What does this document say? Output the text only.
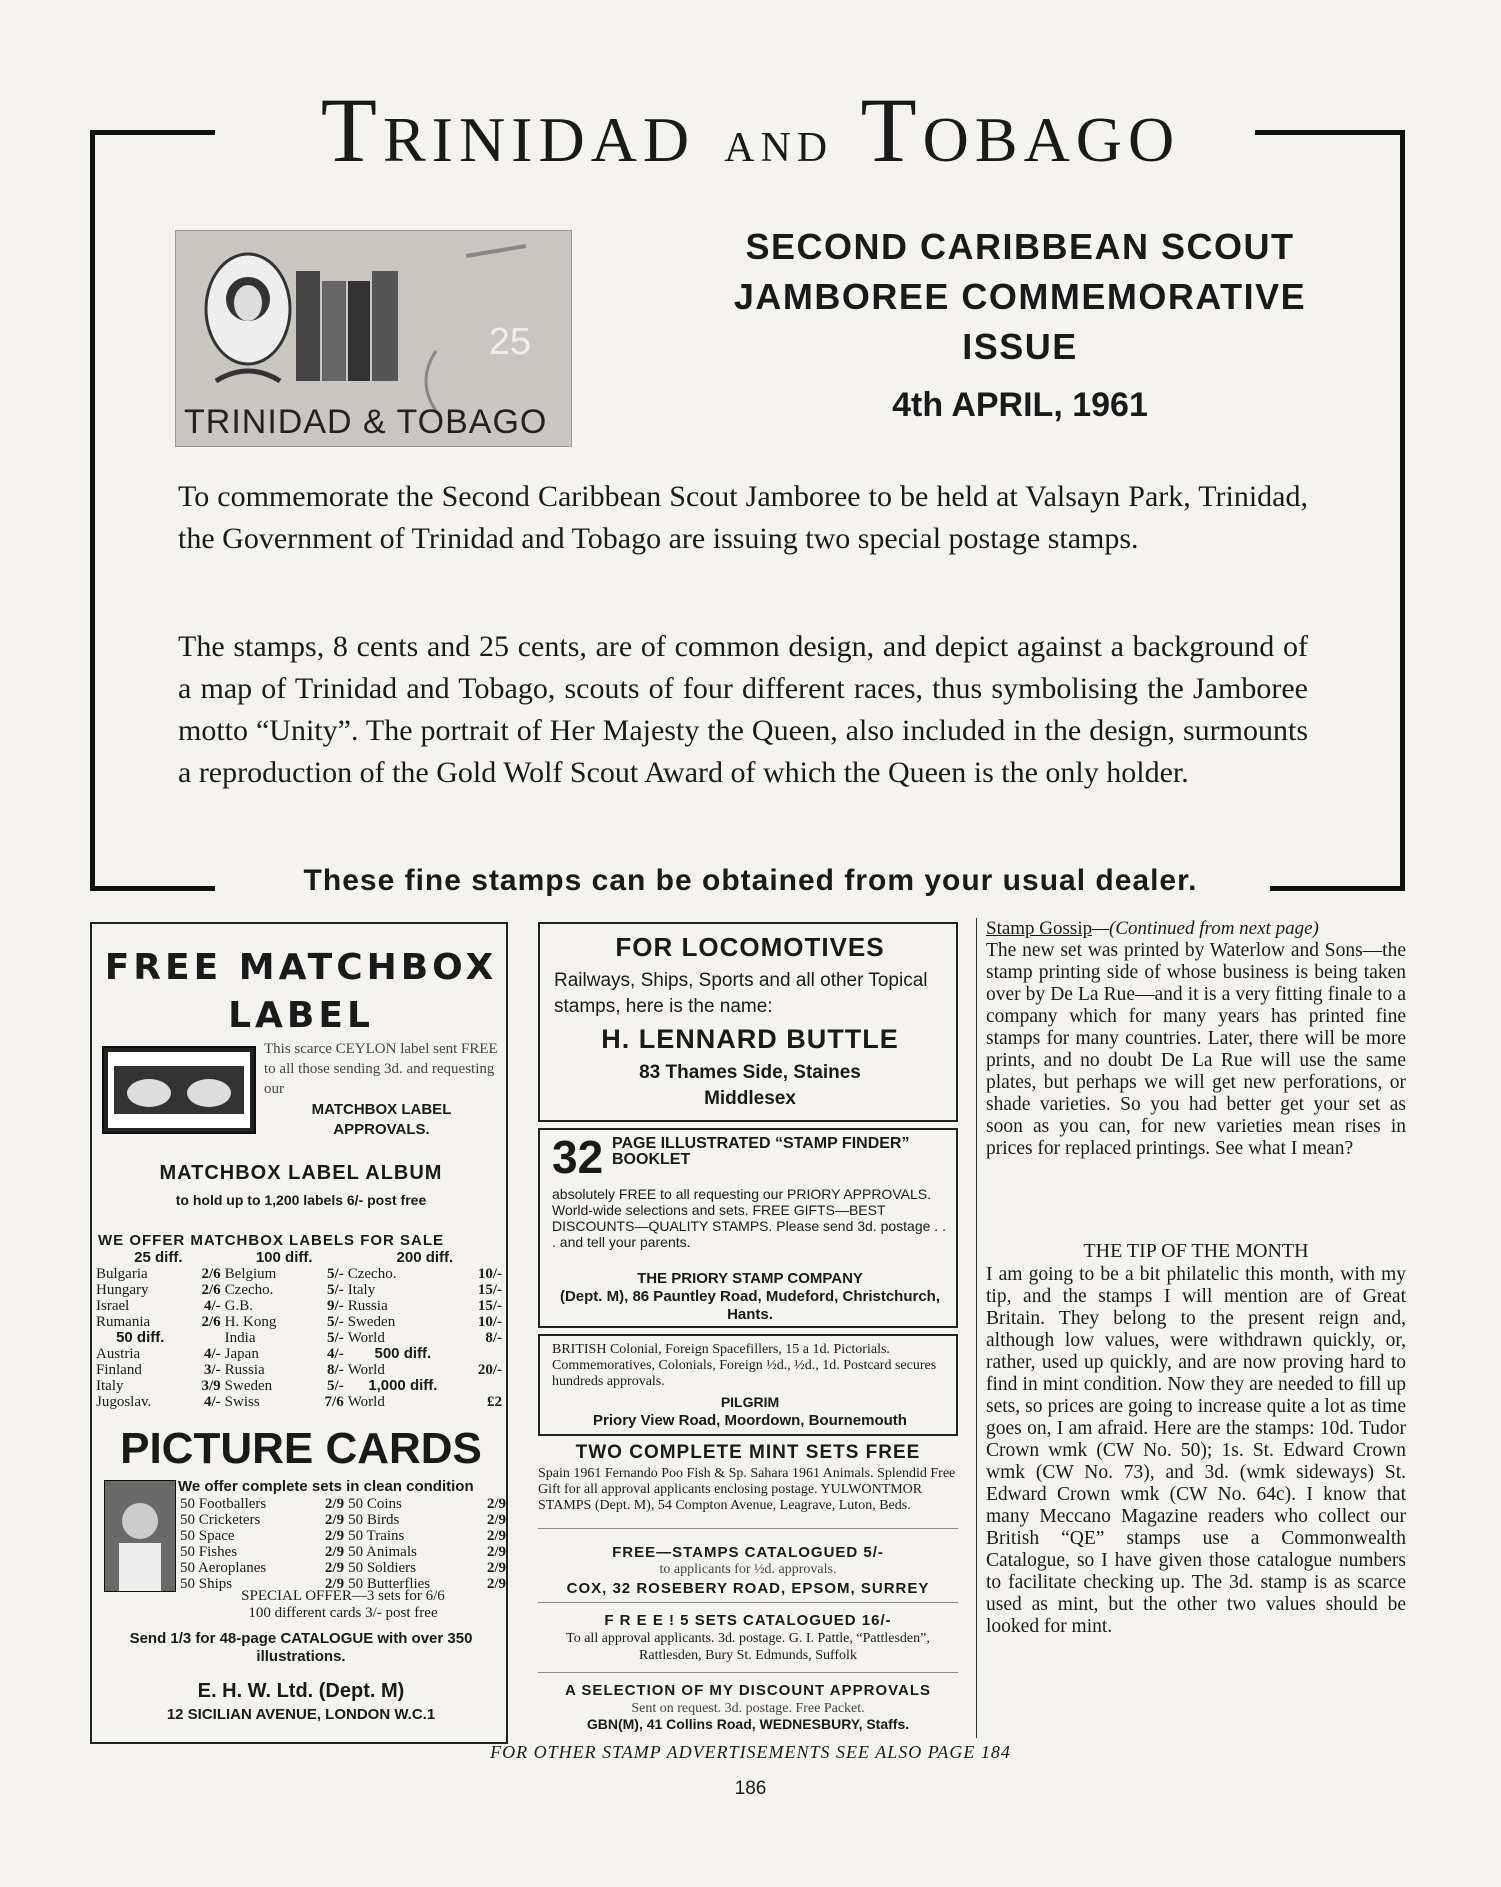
Trinidad and Tobago
25
TRINIDAD & TOBAGO
SECOND CARIBBEAN SCOUT JAMBOREE COMMEMORATIVE ISSUE
4th APRIL, 1961
To commemorate the Second Caribbean Scout Jamboree to be held at Valsayn Park, Trinidad, the Government of Trinidad and Tobago are issuing two special postage stamps.
The stamps, 8 cents and 25 cents, are of common design, and depict against a background of a map of Trinidad and Tobago, scouts of four different races, thus symbolising the Jamboree motto “Unity”. The portrait of Her Majesty the Queen, also included in the design, surmounts a reproduction of the Gold Wolf Scout Award of which the Queen is the only holder.
These fine stamps can be obtained from your usual dealer.
FREE MATCHBOX LABEL
This scarce CEYLON label sent FREE to all those sending 3d. and requesting our
MATCHBOX LABEL APPROVALS.
MATCHBOX LABEL ALBUM
to hold up to 1,200 labels 6/- post free
WE OFFER MATCHBOX LABELS FOR SALE
25 diff.		100 diff.		200 diff.	
Bulgaria	2/6	Belgium	5/-	Czecho.	10/-
Hungary	2/6	Czecho.	5/-	Italy	15/-
Israel	4/-	G.B.	9/-	Russia	15/-
Rumania	2/6	H. Kong	5/-	Sweden	10/-
50 diff.		India	5/-	World	8/-
Austria	4/-	Japan	4/-	500 diff.	
Finland	3/-	Russia	8/-	World	20/-
Italy	3/9	Sweden	5/-	1,000 diff.	
Jugoslav.	4/-	Swiss	7/6	World	£2
PICTURE CARDS
We offer complete sets in clean condition
50 Footballers	2/9	50 Coins	2/9
50 Cricketers	2/9	50 Birds	2/9
50 Space	2/9	50 Trains	2/9
50 Fishes	2/9	50 Animals	2/9
50 Aeroplanes	2/9	50 Soldiers	2/9
50 Ships	2/9	50 Butterflies	2/9
SPECIAL OFFER—3 sets for 6/6
100 different cards 3/- post free
Send 1/3 for 48-page CATALOGUE with over 350 illustrations.
E. H. W. Ltd. (Dept. M)
12 SICILIAN AVENUE, LONDON W.C.1
FOR LOCOMOTIVES
Railways, Ships, Sports and all other Topical stamps, here is the name:
H. LENNARD BUTTLE
83 Thames Side, Staines
Middlesex
32 PAGE ILLUSTRATED “STAMP FINDER” BOOKLET
absolutely FREE to all requesting our PRIORY APPROVALS. World-wide selections and sets. FREE GIFTS—BEST DISCOUNTS—QUALITY STAMPS. Please send 3d. postage . . . and tell your parents.
THE PRIORY STAMP COMPANY
(Dept. M), 86 Pauntley Road, Mudeford, Christchurch, Hants.
BRITISH Colonial, Foreign Spacefillers, 15 a 1d. Pictorials. Commemoratives, Colonials, Foreign ½d., ½d., 1d. Postcard secures hundreds approvals.
PILGRIM
Priory View Road, Moordown, Bournemouth
TWO COMPLETE MINT SETS FREE
Spain 1961 Fernando Poo Fish & Sp. Sahara 1961 Animals. Splendid Free Gift for all approval applicants enclosing postage. YULWONTMOR STAMPS (Dept. M), 54 Compton Avenue, Leagrave, Luton, Beds.
FREE—STAMPS CATALOGUED 5/-
to applicants for ½d. approvals.
COX, 32 ROSEBERY ROAD, EPSOM, SURREY
F R E E ! 5 SETS CATALOGUED 16/-
To all approval applicants. 3d. postage. G. I. Pattle, “Pattlesden”, Rattlesden, Bury St. Edmunds, Suffolk
A SELECTION OF MY DISCOUNT APPROVALS
Sent on request. 3d. postage. Free Packet.
GBN(M), 41 Collins Road, WEDNESBURY, Staffs.
Stamp Gossip—(Continued from next page)
The new set was printed by Waterlow and Sons—the stamp printing side of whose business is being taken over by De La Rue—and it is a very fitting finale to a company which for many years has printed fine stamps for many countries. Later, there will be more prints, and no doubt De La Rue will use the same plates, but perhaps we will get new perforations, or shade varieties. So you had better get your set as soon as you can, for new varieties mean rises in prices for replaced printings. See what I mean?
THE TIP OF THE MONTH
I am going to be a bit philatelic this month, with my tip, and the stamps I will mention are of Great Britain. They belong to the present reign and, although low values, were withdrawn quickly, or, rather, used up quickly, and are now proving hard to find in mint condition. Now they are needed to fill up sets, so prices are going to increase quite a lot as time goes on, I am afraid. Here are the stamps: 10d. Tudor Crown wmk (CW No. 50); 1s. St. Edward Crown wmk (CW No. 73), and 3d. (wmk sideways) St. Edward Crown wmk (CW No. 64c). I know that many Meccano Magazine readers who collect our British “QE” stamps use a Commonwealth Catalogue, so I have given those catalogue numbers to facilitate checking up. The 3d. stamp is as scarce used as mint, but the other two values should be looked for mint.
FOR OTHER STAMP ADVERTISEMENTS SEE ALSO PAGE 184
186
